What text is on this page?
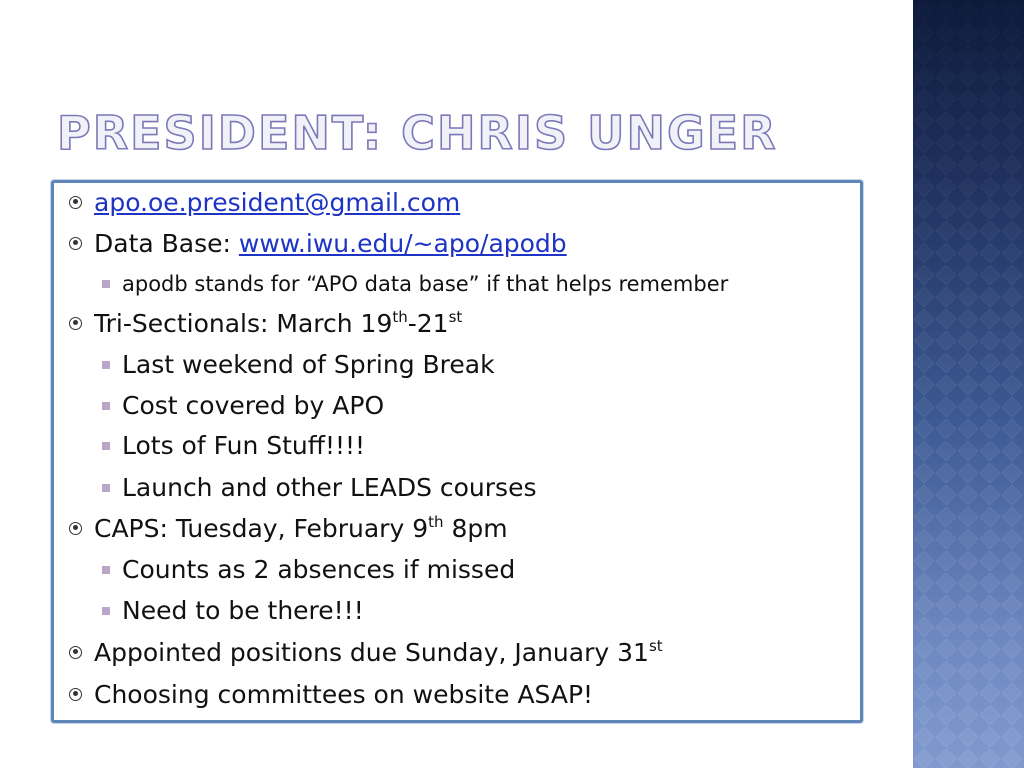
PRESIDENT: CHRIS UNGER
apo.oe.president@gmail.com
Data Base: www.iwu.edu/~apo/apodb
apodb stands for “APO data base” if that helps remember
Tri-Sectionals: March 19th-21st
Last weekend of Spring Break
Cost covered by APO
Lots of Fun Stuff!!!!
Launch and other LEADS courses
CAPS: Tuesday, February 9th 8pm
Counts as 2 absences if missed
Need to be there!!!
Appointed positions due Sunday, January 31st
Choosing committees on website ASAP!
